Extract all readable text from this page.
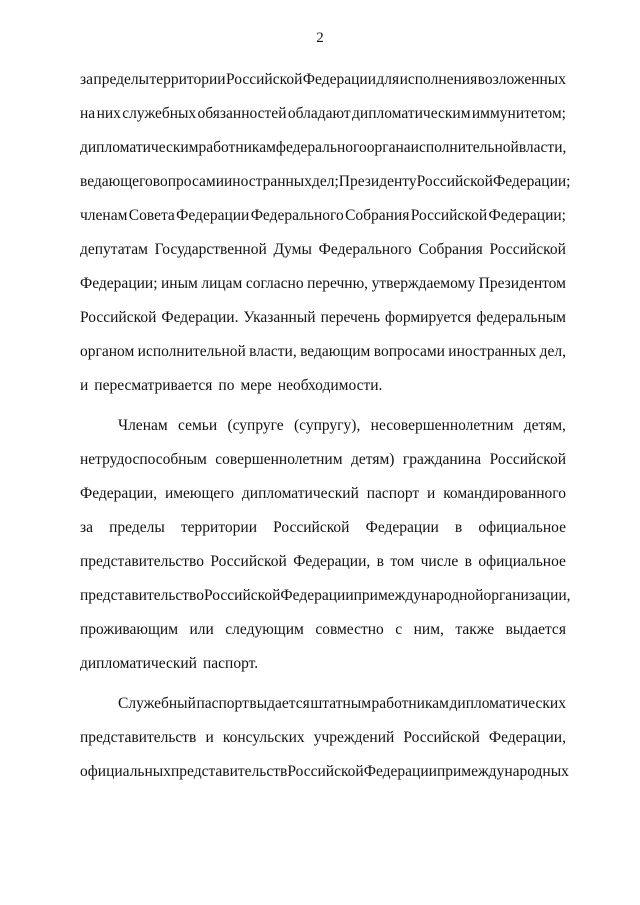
2
за пределы территории Российской Федерации для исполнения возложенных
на них служебных обязанностей обладают дипломатическим иммунитетом;
дипломатическим работникам федерального органа исполнительной власти,
ведающего вопросами иностранных дел; Президенту Российской Федерации;
членам Совета Федерации Федерального Собрания Российской Федерации;
депутатам Государственной Думы Федерального Собрания Российской
Федерации; иным лицам согласно перечню, утверждаемому Президентом
Российской Федерации. Указанный перечень формируется федеральным
органом исполнительной власти, ведающим вопросами иностранных дел,
и пересматривается по мере необходимости.
Членам семьи (супруге (супругу), несовершеннолетним детям,
нетрудоспособным совершеннолетним детям) гражданина Российской
Федерации, имеющего дипломатический паспорт и командированного
за пределы территории Российской Федерации в официальное
представительство Российской Федерации, в том числе в официальное
представительство Российской Федерации при международной организации,
проживающим или следующим совместно с ним, также выдается
дипломатический паспорт.
Служебный паспорт выдается штатным работникам дипломатических
представительств и консульских учреждений Российской Федерации,
официальных представительств Российской Федерации при международных
